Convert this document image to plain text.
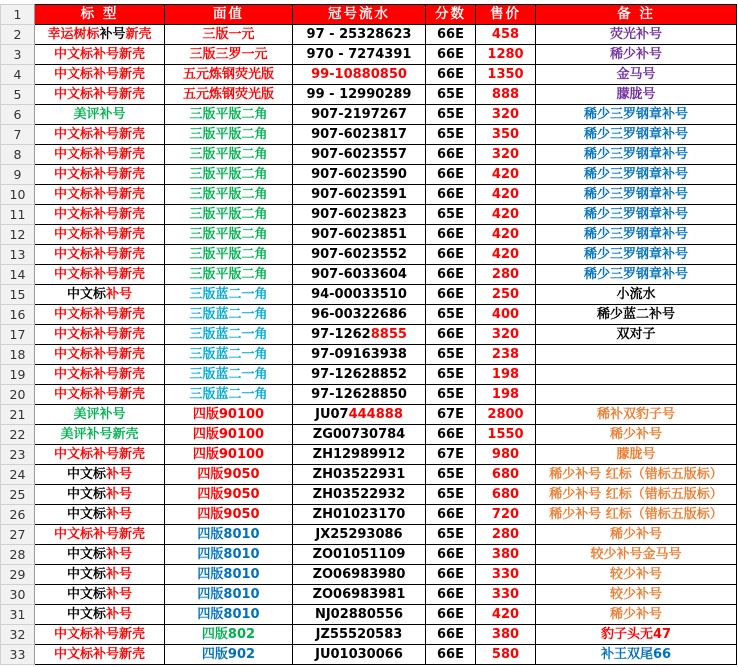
1	标 型	面值	冠号流水	分数	售价	备 注
2	幸运树标补号新壳	三版一元	97 - 25328623	66E	458	荧光补号
3	中文标补号新壳	三版三罗一元	970 - 7274391	66E	1280	稀少补号
4	中文标补号新壳	五元炼钢荧光版	99-10880850	66E	1350	金马号
5	中文标补号新壳	五元炼钢荧光版	99 - 12990289	65E	888	朦胧号
6	美评补号	三版平版二角	907-2197267	65E	320	稀少三罗钢章补号
7	中文标补号新壳	三版平版二角	907-6023817	65E	350	稀少三罗钢章补号
8	中文标补号新壳	三版平版二角	907-6023557	66E	320	稀少三罗钢章补号
9	中文标补号新壳	三版平版二角	907-6023590	66E	420	稀少三罗钢章补号
10	中文标补号新壳	三版平版二角	907-6023591	66E	420	稀少三罗钢章补号
11	中文标补号新壳	三版平版二角	907-6023823	65E	420	稀少三罗钢章补号
12	中文标补号新壳	三版平版二角	907-6023851	66E	420	稀少三罗钢章补号
13	中文标补号新壳	三版平版二角	907-6023552	66E	420	稀少三罗钢章补号
14	中文标补号新壳	三版平版二角	907-6033604	66E	280	稀少三罗钢章补号
15	中文标补号	三版蓝二一角	94-00033510	66E	250	小流水
16	中文标补号新壳	三版蓝二一角	96-00322686	65E	400	稀少蓝二补号
17	中文标补号新壳	三版蓝二一角	97-12628855	66E	320	双对子
18	中文标补号新壳	三版蓝二一角	97-09163938	65E	238	
19	中文标补号新壳	三版蓝二一角	97-12628852	65E	198	
20	中文标补号新壳	三版蓝二一角	97-12628850	65E	198	
21	美评补号	四版90100	JU07444888	67E	2800	稀补双豹子号
22	美评补号新壳	四版90100	ZG00730784	66E	1550	稀少补号
23	中文标补号新壳	四版90100	ZH12989912	67E	980	朦胧号
24	中文标补号	四版9050	ZH03522931	65E	680	稀少补号 红标（错标五版标）
25	中文标补号	四版9050	ZH03522932	65E	680	稀少补号 红标（错标五版标）
26	中文标补号	四版9050	ZH01023170	66E	720	稀少补号 红标（错标五版标）
27	中文标补号新壳	四版8010	JX25293086	65E	280	稀少补号
28	中文标补号	四版8010	ZO01051109	66E	380	较少补号金马号
29	中文标补号	四版8010	ZO06983980	66E	330	较少补号
30	中文标补号	四版8010	ZO06983981	66E	330	较少补号
31	中文标补号	四版8010	NJ02880556	66E	420	稀少补号
32	中文标补号新壳	四版802	JZ55520583	66E	380	豹子头无47
33	中文标补号新壳	四版902	JU01030066	66E	580	补王双尾66
